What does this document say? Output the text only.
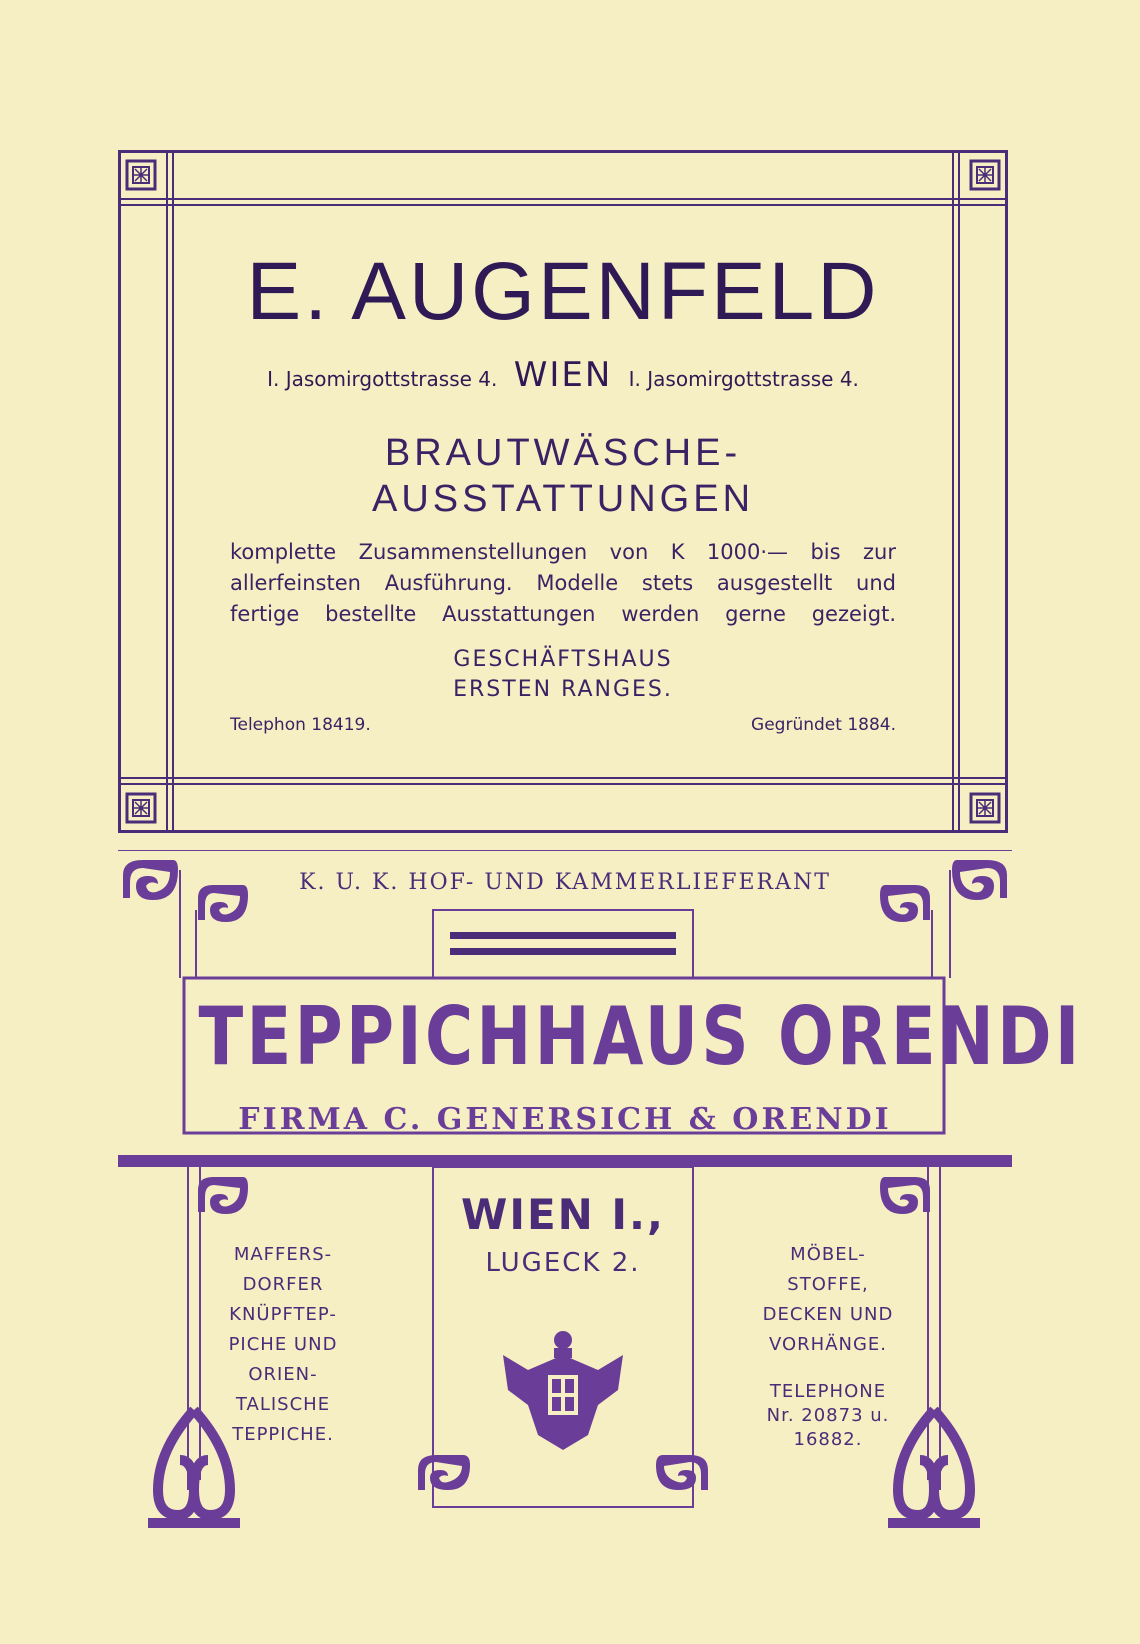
E. AUGENFELD
I. Jasomirgottstrasse 4. WIEN I. Jasomirgottstrasse 4.
BRAUTWÄSCHE-
AUSSTATTUNGEN
komplette Zusammenstellungen von K 1000·— bis zur
allerfeinsten Ausführung. Modelle stets ausgestellt und
fertige bestellte Ausstattungen werden gerne gezeigt.
GESCHÄFTSHAUS
ERSTEN RANGES.
Telephon 18419.	Gegründet 1884.
K. U. K. HOF- UND KAMMERLIEFERANT
TEPPICHHAUS ORENDI
FIRMA C. GENERSICH & ORENDI
WIEN I.,
LUGECK 2.
MAFFERS-
DORFER
KNÜPFTEP-
PICHE UND
ORIEN-
TALISCHE
TEPPICHE.
MÖBEL-
STOFFE,
DECKEN UND
VORHÄNGE.
TELEPHONE
Nr. 20873 u.
16882.
